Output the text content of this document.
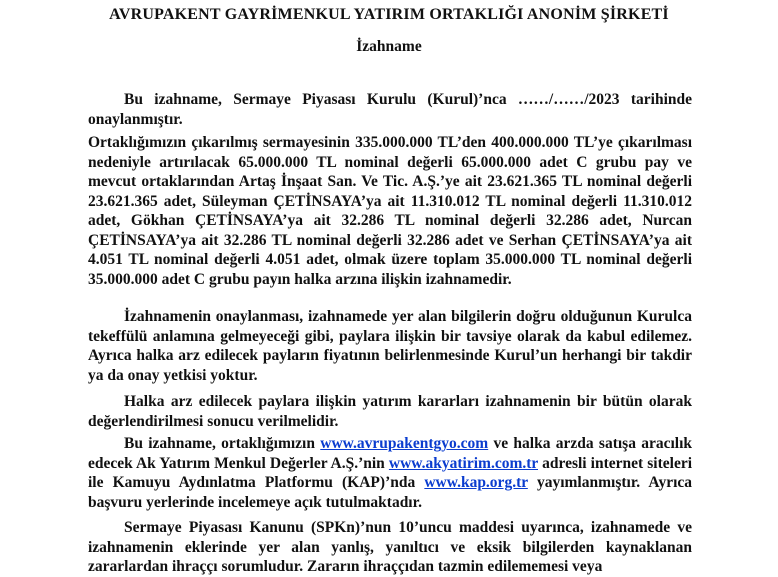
AVRUPAKENT GAYRİMENKUL YATIRIM ORTAKLIĞI ANONİM ŞİRKETİ
İzahname

Bu izahname, Sermaye Piyasası Kurulu (Kurul)’nca ……/……/2023 tarihinde onaylanmıştır.

Ortaklığımızın çıkarılmış sermayesinin 335.000.000 TL’den 400.000.000 TL’ye çıkarılması nedeniyle artırılacak 65.000.000 TL nominal değerli 65.000.000 adet C grubu pay ve mevcut ortaklarından Artaş İnşaat San. Ve Tic. A.Ş.’ye ait 23.621.365 TL nominal değerli 23.621.365 adet, Süleyman ÇETİNSAYA’ya ait 11.310.012 TL nominal değerli 11.310.012 adet, Gökhan ÇETİNSAYA’ya ait 32.286 TL nominal değerli 32.286 adet, Nurcan ÇETİNSAYA’ya ait 32.286 TL nominal değerli 32.286 adet ve Serhan ÇETİNSAYA’ya ait 4.051 TL nominal değerli 4.051 adet, olmak üzere toplam 35.000.000 TL nominal değerli 35.000.000 adet C grubu payın halka arzına ilişkin izahnamedir.

İzahnamenin onaylanması, izahnamede yer alan bilgilerin doğru olduğunun Kurulca tekeffülü anlamına gelmeyeceği gibi, paylara ilişkin bir tavsiye olarak da kabul edilemez. Ayrıca halka arz edilecek payların fiyatının belirlenmesinde Kurul’un herhangi bir takdir ya da onay yetkisi yoktur.

Halka arz edilecek paylara ilişkin yatırım kararları izahnamenin bir bütün olarak değerlendirilmesi sonucu verilmelidir.

Bu izahname, ortaklığımızın www.avrupakentgyo.com ve halka arzda satışa aracılık edecek Ak Yatırım Menkul Değerler A.Ş.’nin www.akyatirim.com.tr adresli internet siteleri ile Kamuyu Aydınlatma Platformu (KAP)’nda www.kap.org.tr yayımlanmıştır. Ayrıca başvuru yerlerinde incelemeye açık tutulmaktadır.

Sermaye Piyasası Kanunu (SPKn)’nun 10’uncu maddesi uyarınca, izahnamede ve izahnamenin eklerinde yer alan yanlış, yanıltıcı ve eksik bilgilerden kaynaklanan zararlardan ihraççı sorumludur. Zararın ihraççıdan tazmin edilememesi veya
